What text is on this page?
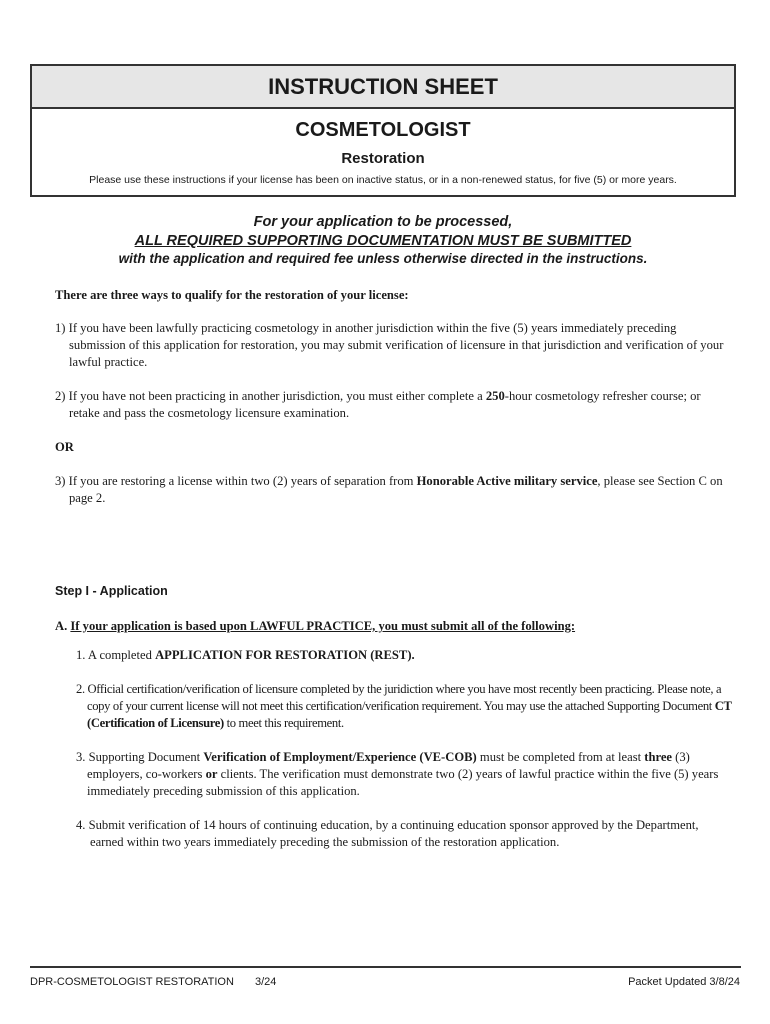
INSTRUCTION SHEET
COSMETOLOGIST
Restoration
Please use these instructions if your license has been on inactive status, or in a non-renewed status, for five (5) or more years.
For your application to be processed,
ALL REQUIRED SUPPORTING DOCUMENTATION MUST BE SUBMITTED
with the application and required fee unless otherwise directed in the instructions.
There are three ways to qualify for the restoration of your license:
1) If you have been lawfully practicing cosmetology in another jurisdiction within the five (5) years immediately preceding submission of this application for restoration, you may submit verification of licensure in that jurisdiction and verification of your lawful practice.
2) If you have not been practicing in another jurisdiction, you must either complete a 250-hour cosmetology refresher course; or retake and pass the cosmetology licensure examination.
OR
3) If you are restoring a license within two (2) years of separation from Honorable Active military service, please see Section C on page 2.
Step I - Application
A. If your application is based upon LAWFUL PRACTICE, you must submit all of the following:
1. A completed APPLICATION FOR RESTORATION (REST).
2. Official certification/verification of licensure completed by the juridiction where you have most recently been practicing. Please note, a copy of your current license will not meet this certification/verification requirement. You may use the attached Supporting Document CT (Certification of Licensure) to meet this requirement.
3. Supporting Document Verification of Employment/Experience (VE-COB) must be completed from at least three (3) employers, co-workers or clients. The verification must demonstrate two (2) years of lawful practice within the five (5) years immediately preceding submission of this application.
4. Submit verification of 14 hours of continuing education, by a continuing education sponsor approved by the Department, earned within two years immediately preceding the submission of the restoration application.
DPR-COSMETOLOGIST RESTORATION 3/24	Packet Updated 3/8/24
